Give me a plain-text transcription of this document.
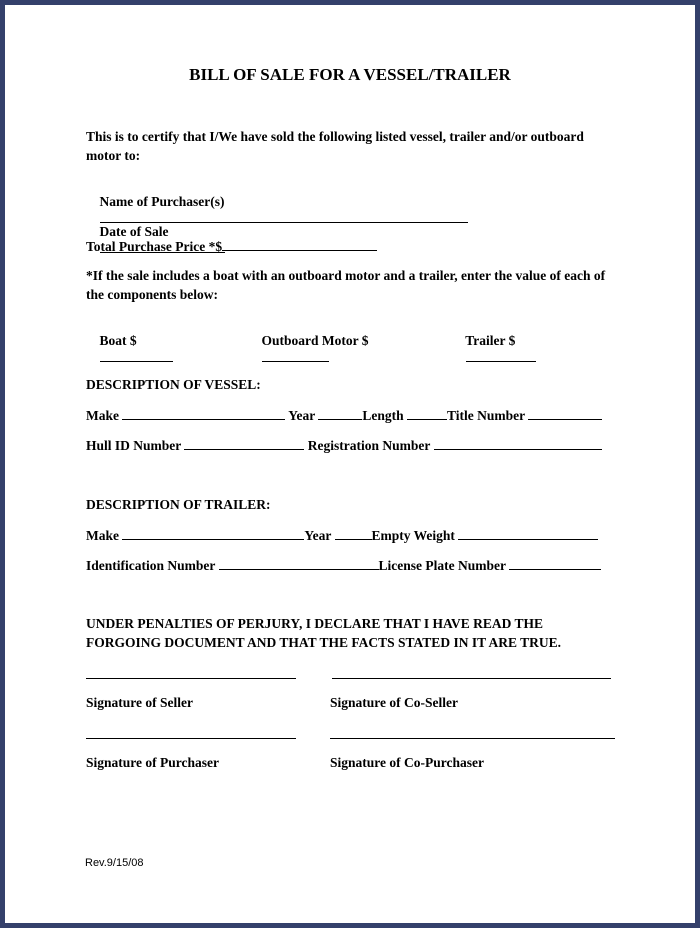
BILL OF SALE FOR A VESSEL/TRAILER
This is to certify that I/We have sold the following listed vessel, trailer and/or outboard
motor to:

Name of Purchaser(s)

Date of Sale

Total Purchase Price *$
*If the sale includes a boat with an outboard motor and a trailer, enter the value of each of
the components below:

Boat $

	Outboard Motor $

	Trailer $

DESCRIPTION OF VESSEL:
Make	Year	Length	Title Number
Hull ID Number	Registration Number
DESCRIPTION OF TRAILER:
Make	Year	Empty Weight
Identification Number	License Plate Number
UNDER PENALTIES OF PERJURY, I DECLARE THAT I HAVE READ THE
FORGOING DOCUMENT AND THAT THE FACTS STATED IN IT ARE TRUE.
Signature of Seller	Signature of Co-Seller
Signature of Purchaser	Signature of Co-Purchaser
Rev.9/15/08
